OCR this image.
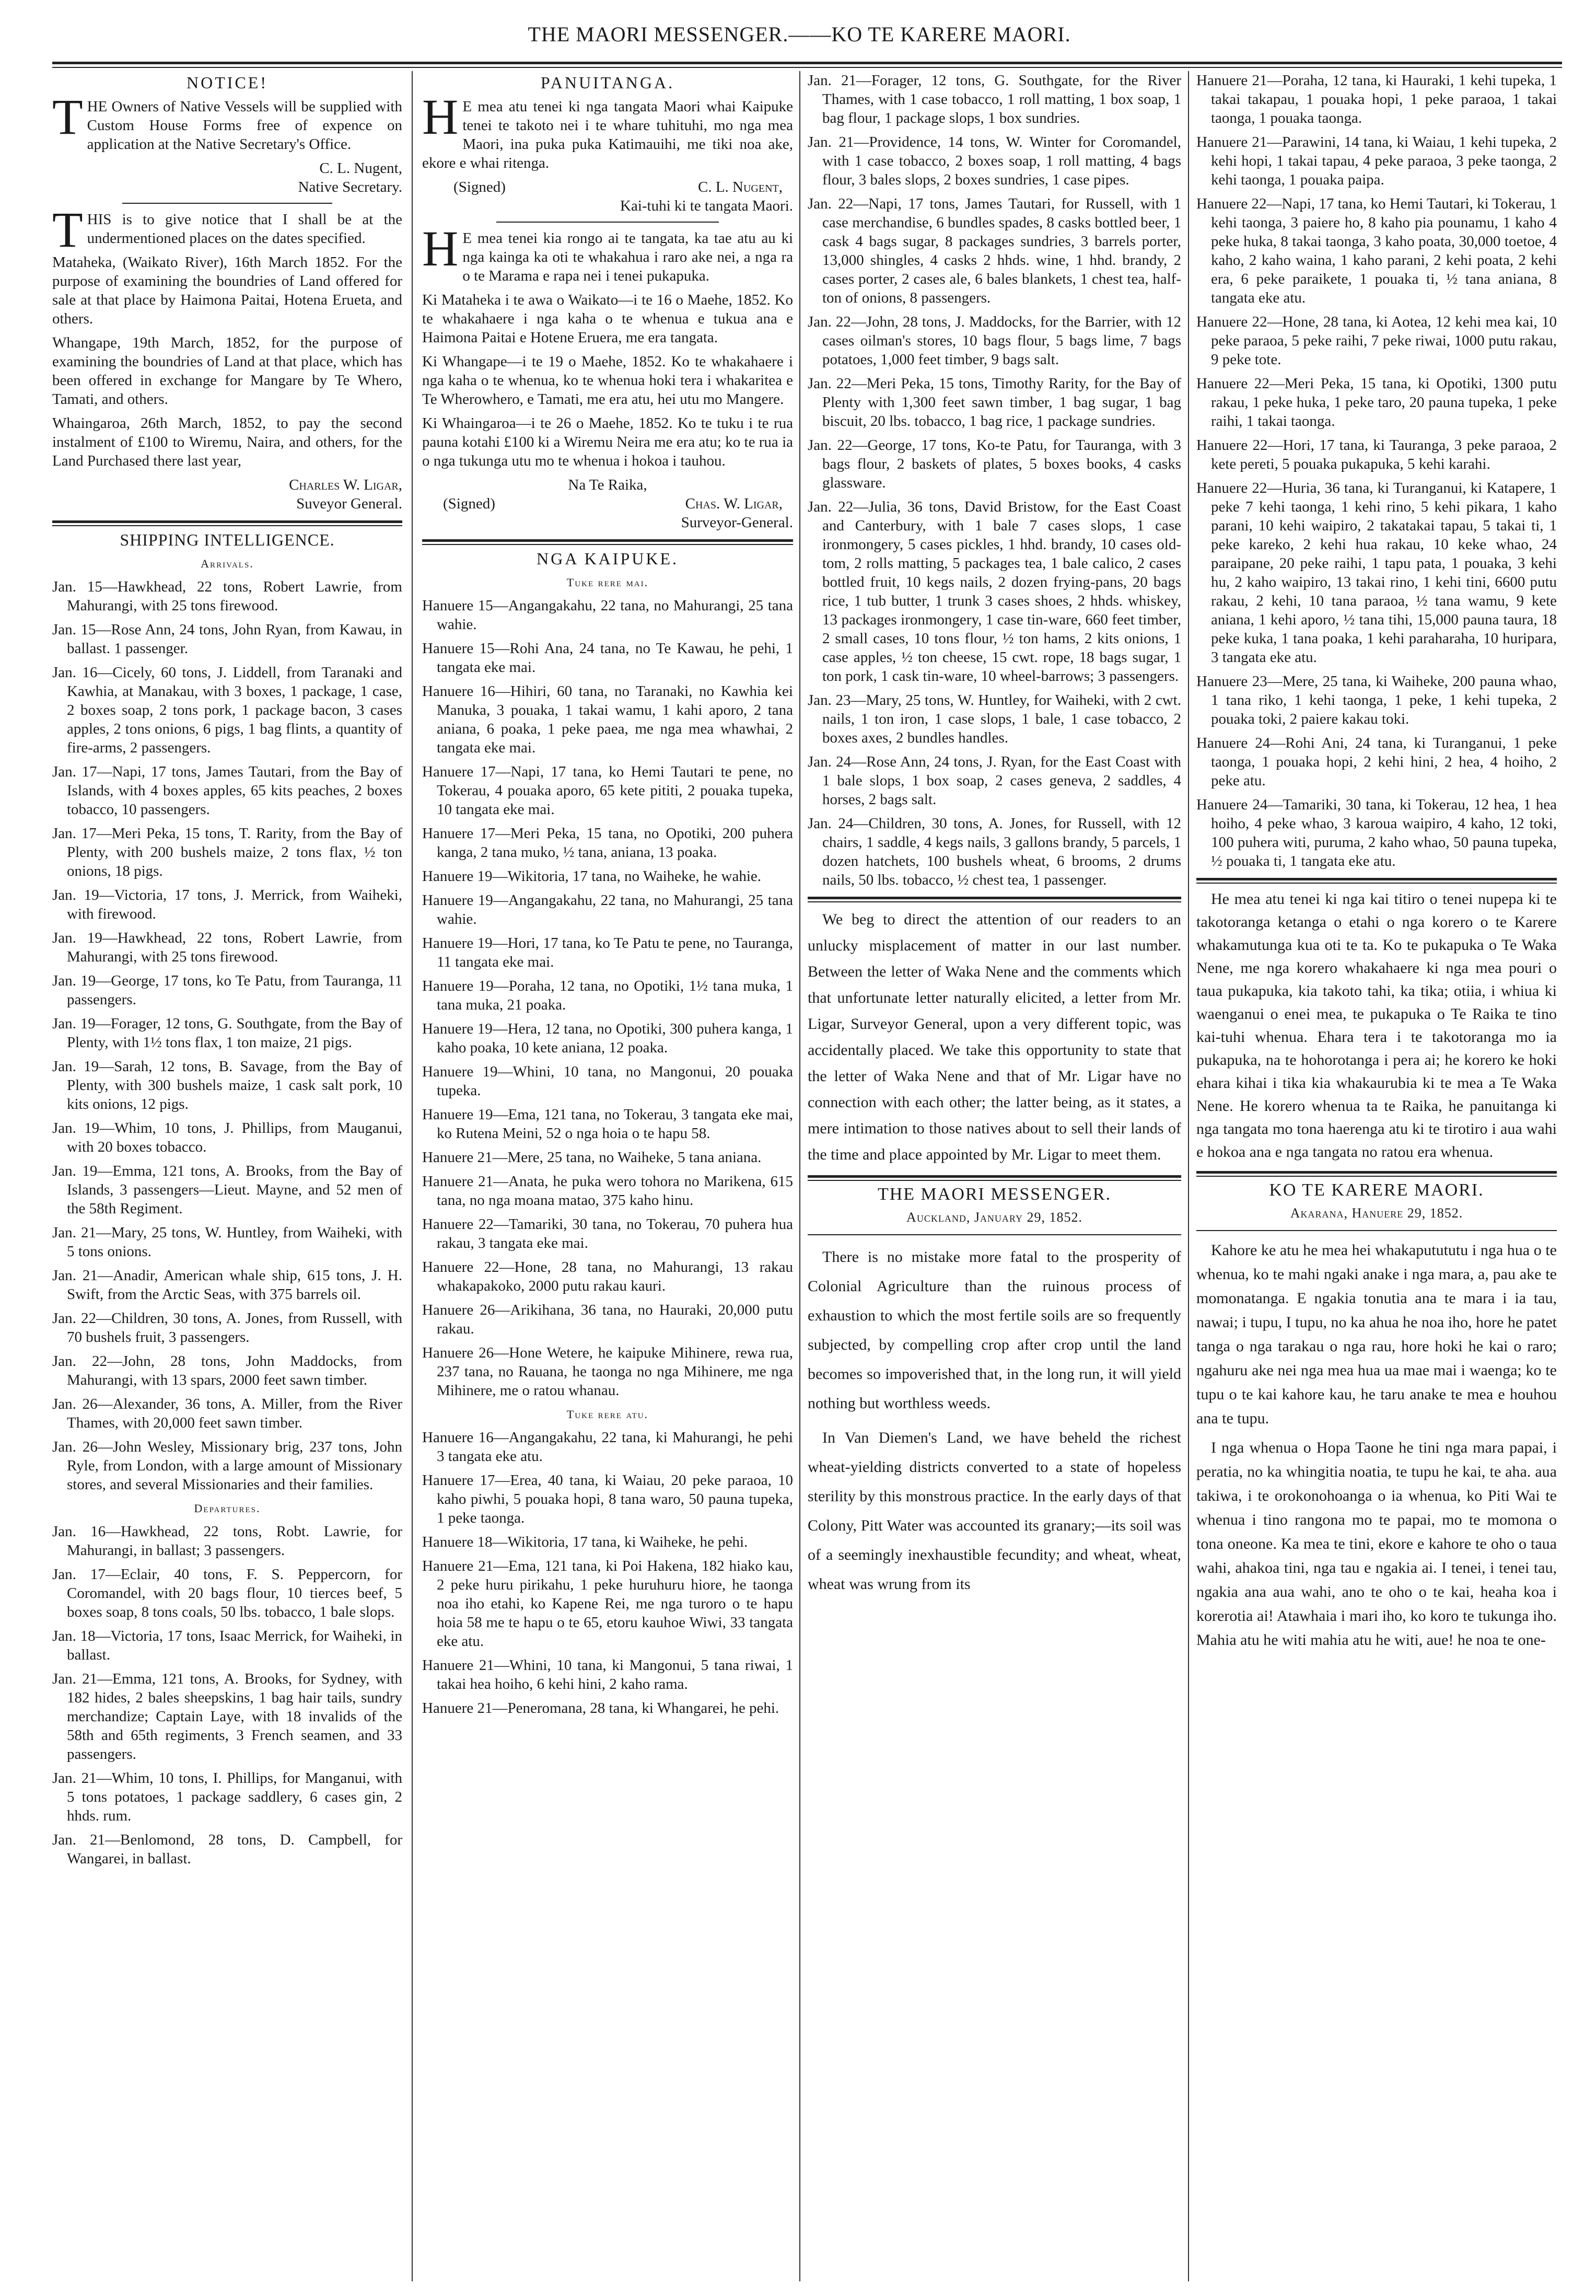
THE MAORI MESSENGER.——KO TE KARERE MAORI.
NOTICE!

THE Owners of Native Vessels will be supplied with Custom House Forms free of expence on application at the Native Secretary's Office.

C. L. Nugent,

Native Secretary.

THIS is to give notice that I shall be at the undermentioned places on the dates specified.

Mataheka, (Waikato River), 16th March 1852. For the purpose of examining the boundries of Land offered for sale at that place by Haimona Paitai, Hotena Erueta, and others.

Whangape, 19th March, 1852, for the purpose of examining the boundries of Land at that place, which has been offered in exchange for Mangare by Te Whero, Tamati, and others.

Whaingaroa, 26th March, 1852, to pay the second instalment of £100 to Wiremu, Naira, and others, for the Land Purchased there last year,

Charles W. Ligar,

Suveyor General.

SHIPPING INTELLIGENCE.
Arrivals.

Jan. 15—Hawkhead, 22 tons, Robert Lawrie, from Mahurangi, with 25 tons firewood.

Jan. 15—Rose Ann, 24 tons, John Ryan, from Kawau, in ballast. 1 passenger.

Jan. 16—Cicely, 60 tons, J. Liddell, from Taranaki and Kawhia, at Manakau, with 3 boxes, 1 package, 1 case, 2 boxes soap, 2 tons pork, 1 package bacon, 3 cases apples, 2 tons onions, 6 pigs, 1 bag flints, a quantity of fire-arms, 2 passengers.

Jan. 17—Napi, 17 tons, James Tautari, from the Bay of Islands, with 4 boxes apples, 65 kits peaches, 2 boxes tobacco, 10 passengers.

Jan. 17—Meri Peka, 15 tons, T. Rarity, from the Bay of Plenty, with 200 bushels maize, 2 tons flax, ½ ton onions, 18 pigs.

Jan. 19—Victoria, 17 tons, J. Merrick, from Waiheki, with firewood.

Jan. 19—Hawkhead, 22 tons, Robert Lawrie, from Mahurangi, with 25 tons firewood.

Jan. 19—George, 17 tons, ko Te Patu, from Tauranga, 11 passengers.

Jan. 19—Forager, 12 tons, G. Southgate, from the Bay of Plenty, with 1½ tons flax, 1 ton maize, 21 pigs.

Jan. 19—Sarah, 12 tons, B. Savage, from the Bay of Plenty, with 300 bushels maize, 1 cask salt pork, 10 kits onions, 12 pigs.

Jan. 19—Whim, 10 tons, J. Phillips, from Mauganui, with 20 boxes tobacco.

Jan. 19—Emma, 121 tons, A. Brooks, from the Bay of Islands, 3 passengers—Lieut. Mayne, and 52 men of the 58th Regiment.

Jan. 21—Mary, 25 tons, W. Huntley, from Waiheki, with 5 tons onions.

Jan. 21—Anadir, American whale ship, 615 tons, J. H. Swift, from the Arctic Seas, with 375 barrels oil.

Jan. 22—Children, 30 tons, A. Jones, from Russell, with 70 bushels fruit, 3 passengers.

Jan. 22—John, 28 tons, John Maddocks, from Mahurangi, with 13 spars, 2000 feet sawn timber.

Jan. 26—Alexander, 36 tons, A. Miller, from the River Thames, with 20,000 feet sawn timber.

Jan. 26—John Wesley, Missionary brig, 237 tons, John Ryle, from London, with a large amount of Missionary stores, and several Missionaries and their families.

Departures.

Jan. 16—Hawkhead, 22 tons, Robt. Lawrie, for Mahurangi, in ballast; 3 passengers.

Jan. 17—Eclair, 40 tons, F. S. Peppercorn, for Coromandel, with 20 bags flour, 10 tierces beef, 5 boxes soap, 8 tons coals, 50 lbs. tobacco, 1 bale slops.

Jan. 18—Victoria, 17 tons, Isaac Merrick, for Waiheki, in ballast.

Jan. 21—Emma, 121 tons, A. Brooks, for Sydney, with 182 hides, 2 bales sheepskins, 1 bag hair tails, sundry merchandize; Captain Laye, with 18 invalids of the 58th and 65th regiments, 3 French seamen, and 33 passengers.

Jan. 21—Whim, 10 tons, I. Phillips, for Manganui, with 5 tons potatoes, 1 package saddlery, 6 cases gin, 2 hhds. rum.

Jan. 21—Benlomond, 28 tons, D. Campbell, for Wangarei, in ballast.

PANUITANGA.

HE mea atu tenei ki nga tangata Maori whai Kaipuke tenei te takoto nei i te whare tuhituhi, mo nga mea Maori, ina puka puka Katimauihi, me tiki noa ake, ekore e whai ritenga.

(Signed)	C. L. Nugent,

Kai-tuhi ki te tangata Maori.

HE mea tenei kia rongo ai te tangata, ka tae atu au ki nga kainga ka oti te whakahua i raro ake nei, a nga ra o te Marama e rapa nei i tenei pukapuka.

Ki Mataheka i te awa o Waikato—i te 16 o Maehe, 1852. Ko te whakahaere i nga kaha o te whenua e tukua ana e Haimona Paitai e Hotene Eruera, me era tangata.

Ki Whangape—i te 19 o Maehe, 1852. Ko te whakahaere i nga kaha o te whenua, ko te whenua hoki tera i whakaritea e Te Wherowhero, e Tamati, me era atu, hei utu mo Mangere.

Ki Whaingaroa—i te 26 o Maehe, 1852. Ko te tuku i te rua pauna kotahi £100 ki a Wiremu Neira me era atu; ko te rua ia o nga tukunga utu mo te whenua i hokoa i tauhou.

Na Te Raika,

(Signed)	Chas. W. Ligar,

Surveyor-General.

NGA KAIPUKE.
Tuke rere mai.

Hanuere 15—Angangakahu, 22 tana, no Mahurangi, 25 tana wahie.

Hanuere 15—Rohi Ana, 24 tana, no Te Kawau, he pehi, 1 tangata eke mai.

Hanuere 16—Hihiri, 60 tana, no Taranaki, no Kawhia kei Manuka, 3 pouaka, 1 takai wamu, 1 kahi aporo, 2 tana aniana, 6 poaka, 1 peke paea, me nga mea whawhai, 2 tangata eke mai.

Hanuere 17—Napi, 17 tana, ko Hemi Tautari te pene, no Tokerau, 4 pouaka aporo, 65 kete pititi, 2 pouaka tupeka, 10 tangata eke mai.

Hanuere 17—Meri Peka, 15 tana, no Opotiki, 200 puhera kanga, 2 tana muko, ½ tana, aniana, 13 poaka.

Hanuere 19—Wikitoria, 17 tana, no Waiheke, he wahie.

Hanuere 19—Angangakahu, 22 tana, no Mahurangi, 25 tana wahie.

Hanuere 19—Hori, 17 tana, ko Te Patu te pene, no Tauranga, 11 tangata eke mai.

Hanuere 19—Poraha, 12 tana, no Opotiki, 1½ tana muka, 1 tana muka, 21 poaka.

Hanuere 19—Hera, 12 tana, no Opotiki, 300 puhera kanga, 1 kaho poaka, 10 kete aniana, 12 poaka.

Hanuere 19—Whini, 10 tana, no Mangonui, 20 pouaka tupeka.

Hanuere 19—Ema, 121 tana, no Tokerau, 3 tangata eke mai, ko Rutena Meini, 52 o nga hoia o te hapu 58.

Hanuere 21—Mere, 25 tana, no Waiheke, 5 tana aniana.

Hanuere 21—Anata, he puka wero tohora no Marikena, 615 tana, no nga moana matao, 375 kaho hinu.

Hanuere 22—Tamariki, 30 tana, no Tokerau, 70 puhera hua rakau, 3 tangata eke mai.

Hanuere 22—Hone, 28 tana, no Mahurangi, 13 rakau whakapakoko, 2000 putu rakau kauri.

Hanuere 26—Arikihana, 36 tana, no Hauraki, 20,000 putu rakau.

Hanuere 26—Hone Wetere, he kaipuke Mihinere, rewa rua, 237 tana, no Rauana, he taonga no nga Mihinere, me nga Mihinere, me o ratou whanau.

Tuke rere atu.

Hanuere 16—Angangakahu, 22 tana, ki Mahurangi, he pehi 3 tangata eke atu.

Hanuere 17—Erea, 40 tana, ki Waiau, 20 peke paraoa, 10 kaho piwhi, 5 pouaka hopi, 8 tana waro, 50 pauna tupeka, 1 peke taonga.

Hanuere 18—Wikitoria, 17 tana, ki Waiheke, he pehi.

Hanuere 21—Ema, 121 tana, ki Poi Hakena, 182 hiako kau, 2 peke huru pirikahu, 1 peke huruhuru hiore, he taonga noa iho etahi, ko Kapene Rei, me nga turoro o te hapu hoia 58 me te hapu o te 65, etoru kauhoe Wiwi, 33 tangata eke atu.

Hanuere 21—Whini, 10 tana, ki Mangonui, 5 tana riwai, 1 takai hea hoiho, 6 kehi hini, 2 kaho rama.

Hanuere 21—Peneromana, 28 tana, ki Whangarei, he pehi.

Jan. 21—Forager, 12 tons, G. Southgate, for the River Thames, with 1 case tobacco, 1 roll matting, 1 box soap, 1 bag flour, 1 package slops, 1 box sundries.

Jan. 21—Providence, 14 tons, W. Winter for Coromandel, with 1 case tobacco, 2 boxes soap, 1 roll matting, 4 bags flour, 3 bales slops, 2 boxes sundries, 1 case pipes.

Jan. 22—Napi, 17 tons, James Tautari, for Russell, with 1 case merchandise, 6 bundles spades, 8 casks bottled beer, 1 cask 4 bags sugar, 8 packages sundries, 3 barrels porter, 13,000 shingles, 4 casks 2 hhds. wine, 1 hhd. brandy, 2 cases porter, 2 cases ale, 6 bales blankets, 1 chest tea, half-ton of onions, 8 passengers.

Jan. 22—John, 28 tons, J. Maddocks, for the Barrier, with 12 cases oilman's stores, 10 bags flour, 5 bags lime, 7 bags potatoes, 1,000 feet timber, 9 bags salt.

Jan. 22—Meri Peka, 15 tons, Timothy Rarity, for the Bay of Plenty with 1,300 feet sawn timber, 1 bag sugar, 1 bag biscuit, 20 lbs. tobacco, 1 bag rice, 1 package sundries.

Jan. 22—George, 17 tons, Ko-te Patu, for Tauranga, with 3 bags flour, 2 baskets of plates, 5 boxes books, 4 casks glassware.

Jan. 22—Julia, 36 tons, David Bristow, for the East Coast and Canterbury, with 1 bale 7 cases slops, 1 case ironmongery, 5 cases pickles, 1 hhd. brandy, 10 cases old-tom, 2 rolls matting, 5 packages tea, 1 bale calico, 2 cases bottled fruit, 10 kegs nails, 2 dozen frying-pans, 20 bags rice, 1 tub butter, 1 trunk 3 cases shoes, 2 hhds. whiskey, 13 packages ironmongery, 1 case tin-ware, 660 feet timber, 2 small cases, 10 tons flour, ½ ton hams, 2 kits onions, 1 case apples, ½ ton cheese, 15 cwt. rope, 18 bags sugar, 1 ton pork, 1 cask tin-ware, 10 wheel-barrows; 3 passengers.

Jan. 23—Mary, 25 tons, W. Huntley, for Waiheki, with 2 cwt. nails, 1 ton iron, 1 case slops, 1 bale, 1 case tobacco, 2 boxes axes, 2 bundles handles.

Jan. 24—Rose Ann, 24 tons, J. Ryan, for the East Coast with 1 bale slops, 1 box soap, 2 cases geneva, 2 saddles, 4 horses, 2 bags salt.

Jan. 24—Children, 30 tons, A. Jones, for Russell, with 12 chairs, 1 saddle, 4 kegs nails, 3 gallons brandy, 5 parcels, 1 dozen hatchets, 100 bushels wheat, 6 brooms, 2 drums nails, 50 lbs. tobacco, ½ chest tea, 1 passenger.

We beg to direct the attention of our readers to an unlucky misplacement of matter in our last number. Between the letter of Waka Nene and the comments which that unfortunate letter naturally elicited, a letter from Mr. Ligar, Surveyor General, upon a very different topic, was accidentally placed. We take this opportunity to state that the letter of Waka Nene and that of Mr. Ligar have no connection with each other; the latter being, as it states, a mere intimation to those natives about to sell their lands of the time and place appointed by Mr. Ligar to meet them.

THE MAORI MESSENGER.
Auckland, January 29, 1852.

There is no mistake more fatal to the prosperity of Colonial Agriculture than the ruinous process of exhaustion to which the most fertile soils are so frequently subjected, by compelling crop after crop until the land becomes so impoverished that, in the long run, it will yield nothing but worthless weeds.

In Van Diemen's Land, we have beheld the richest wheat-yielding districts converted to a state of hopeless sterility by this monstrous practice. In the early days of that Colony, Pitt Water was accounted its granary;—its soil was of a seemingly inexhaustible fecundity; and wheat, wheat, wheat was wrung from its

Hanuere 21—Poraha, 12 tana, ki Hauraki, 1 kehi tupeka, 1 takai takapau, 1 pouaka hopi, 1 peke paraoa, 1 takai taonga, 1 pouaka taonga.

Hanuere 21—Parawini, 14 tana, ki Waiau, 1 kehi tupeka, 2 kehi hopi, 1 takai tapau, 4 peke paraoa, 3 peke taonga, 2 kehi taonga, 1 pouaka paipa.

Hanuere 22—Napi, 17 tana, ko Hemi Tautari, ki Tokerau, 1 kehi taonga, 3 paiere ho, 8 kaho pia pounamu, 1 kaho 4 peke huka, 8 takai taonga, 3 kaho poata, 30,000 toetoe, 4 kaho, 2 kaho waina, 1 kaho parani, 2 kehi poata, 2 kehi era, 6 peke paraikete, 1 pouaka ti, ½ tana aniana, 8 tangata eke atu.

Hanuere 22—Hone, 28 tana, ki Aotea, 12 kehi mea kai, 10 peke paraoa, 5 peke raihi, 7 peke riwai, 1000 putu rakau, 9 peke tote.

Hanuere 22—Meri Peka, 15 tana, ki Opotiki, 1300 putu rakau, 1 peke huka, 1 peke taro, 20 pauna tupeka, 1 peke raihi, 1 takai taonga.

Hanuere 22—Hori, 17 tana, ki Tauranga, 3 peke paraoa, 2 kete pereti, 5 pouaka pukapuka, 5 kehi karahi.

Hanuere 22—Huria, 36 tana, ki Turanganui, ki Katapere, 1 peke 7 kehi taonga, 1 kehi rino, 5 kehi pikara, 1 kaho parani, 10 kehi waipiro, 2 takatakai tapau, 5 takai ti, 1 peke kareko, 2 kehi hua rakau, 10 keke whao, 24 paraipane, 20 peke raihi, 1 tapu pata, 1 pouaka, 3 kehi hu, 2 kaho waipiro, 13 takai rino, 1 kehi tini, 6600 putu rakau, 2 kehi, 10 tana paraoa, ½ tana wamu, 9 kete aniana, 1 kehi aporo, ½ tana tihi, 15,000 pauna taura, 18 peke kuka, 1 tana poaka, 1 kehi paraharaha, 10 huripara, 3 tangata eke atu.

Hanuere 23—Mere, 25 tana, ki Waiheke, 200 pauna whao, 1 tana riko, 1 kehi taonga, 1 peke, 1 kehi tupeka, 2 pouaka toki, 2 paiere kakau toki.

Hanuere 24—Rohi Ani, 24 tana, ki Turanganui, 1 peke taonga, 1 pouaka hopi, 2 kehi hini, 2 hea, 4 hoiho, 2 peke atu.

Hanuere 24—Tamariki, 30 tana, ki Tokerau, 12 hea, 1 hea hoiho, 4 peke whao, 3 karoua waipiro, 4 kaho, 12 toki, 100 puhera witi, puruma, 2 kaho whao, 50 pauna tupeka, ½ pouaka ti, 1 tangata eke atu.

He mea atu tenei ki nga kai titiro o tenei nupepa ki te takotoranga ketanga o etahi o nga korero o te Karere whakamutunga kua oti te ta. Ko te pukapuka o Te Waka Nene, me nga korero whakahaere ki nga mea pouri o taua pukapuka, kia takoto tahi, ka tika; otiia, i whiua ki waenganui o enei mea, te pukapuka o Te Raika te tino kai-tuhi whenua. Ehara tera i te takotoranga mo ia pukapuka, na te hohorotanga i pera ai; he korero ke hoki ehara kihai i tika kia whakaurubia ki te mea a Te Waka Nene. He korero whenua ta te Raika, he panuitanga ki nga tangata mo tona haerenga atu ki te tirotiro i aua wahi e hokoa ana e nga tangata no ratou era whenua.

KO TE KARERE MAORI.
Akarana, Hanuere 29, 1852.

Kahore ke atu he mea hei whakaputututu i nga hua o te whenua, ko te mahi ngaki anake i nga mara, a, pau ake te momonatanga. E ngakia tonutia ana te mara i ia tau, nawai; i tupu, I tupu, no ka ahua he noa iho, hore he patet tanga o nga tarakau o nga rau, hore hoki he kai o raro; ngahuru ake nei nga mea hua ua mae mai i waenga; ko te tupu o te kai kahore kau, he taru anake te mea e houhou ana te tupu.

I nga whenua o Hopa Taone he tini nga mara papai, i peratia, no ka whingitia noatia, te tupu he kai, te aha. aua takiwa, i te orokonohoanga o ia whenua, ko Piti Wai te whenua i tino rangona mo te papai, mo te momona o tona oneone. Ka mea te tini, ekore e kahore te oho o taua wahi, ahakoa tini, nga tau e ngakia ai. I tenei, i tenei tau, ngakia ana aua wahi, ano te oho o te kai, heaha koa i korerotia ai! Atawhaia i mari iho, ko koro te tukunga iho. Mahia atu he witi mahia atu he witi, aue! he noa te one-
